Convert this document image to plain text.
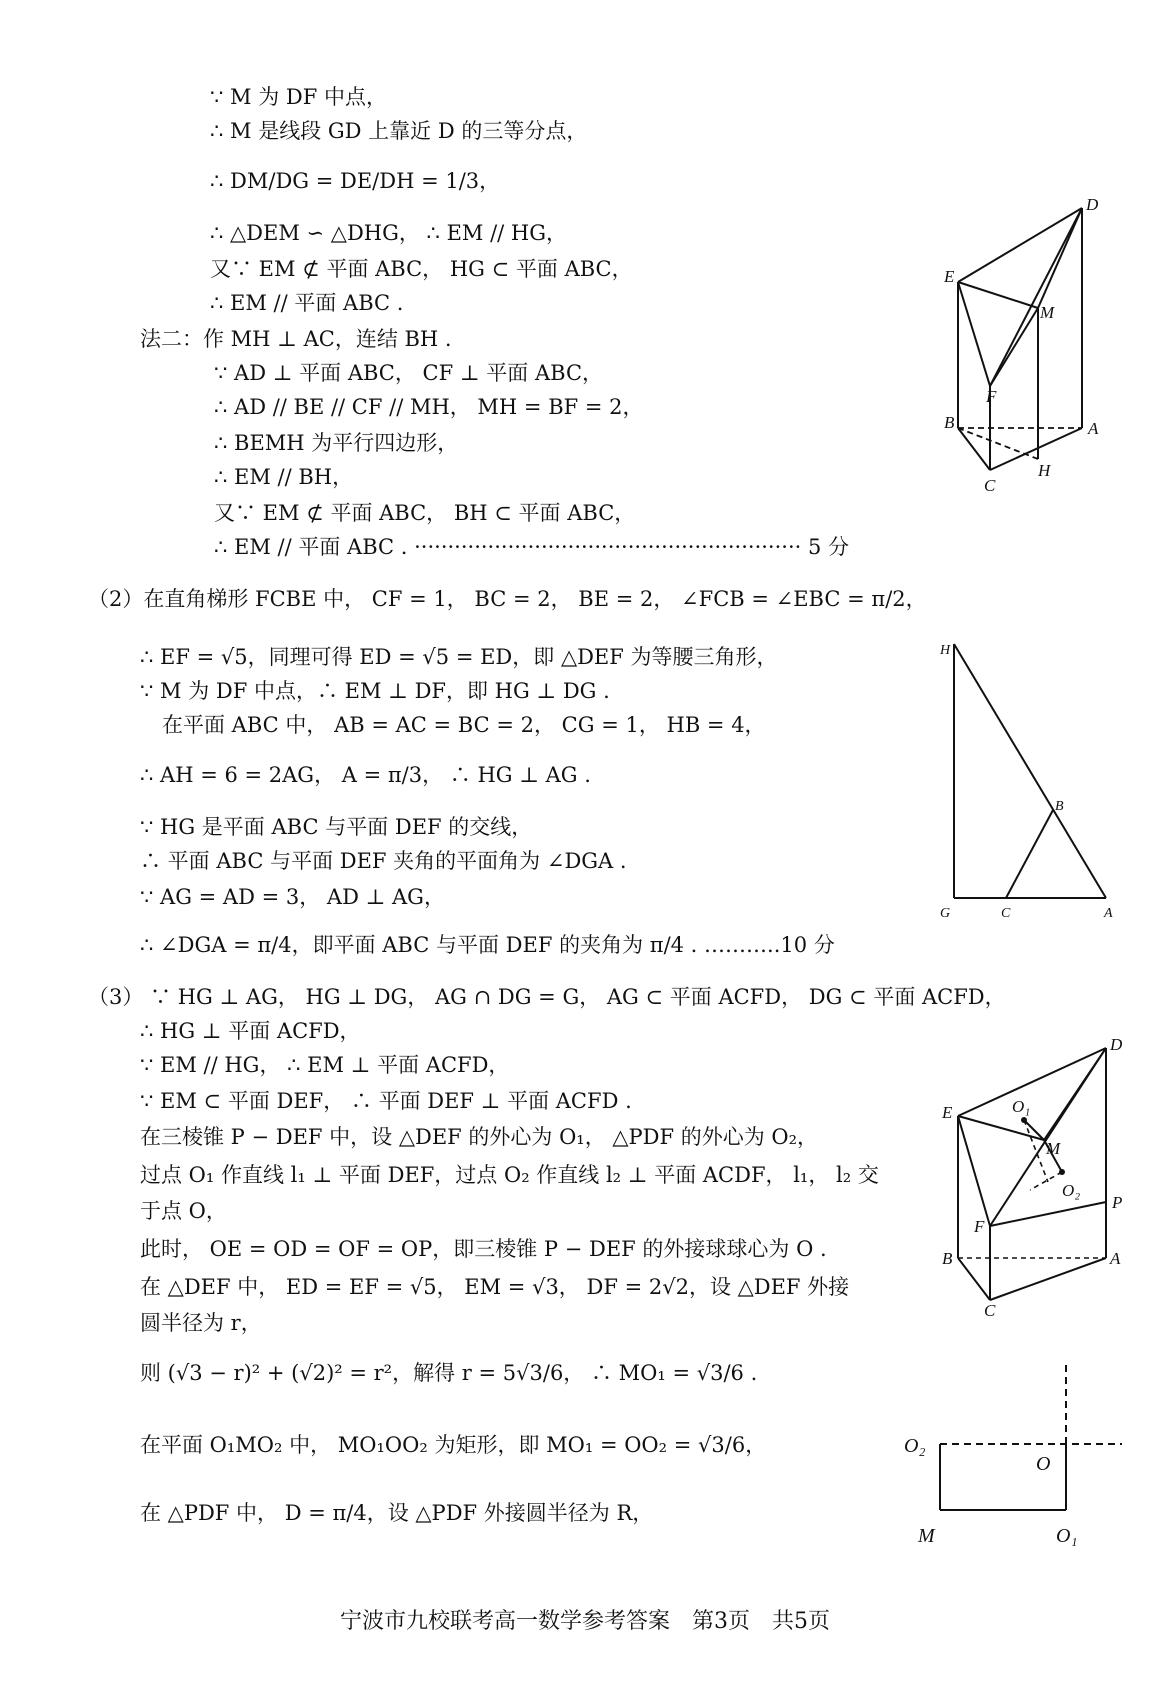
∵ M 为 DF 中点，
∴ M 是线段 GD 上靠近 D 的三等分点，
∴ DM/DG = DE/DH = 1/3，
∴ △DEM ∽ △DHG， ∴ EM // HG，
又∵ EM ⊄ 平面 ABC， HG ⊂ 平面 ABC，
∴ EM // 平面 ABC .
法二：作 MH ⊥ AC，连结 BH .
∵ AD ⊥ 平面 ABC， CF ⊥ 平面 ABC，
∴ AD // BE // CF // MH， MH = BF = 2，
∴ BEMH 为平行四边形，
∴ EM // BH，
又∵ EM ⊄ 平面 ABC， BH ⊂ 平面 ABC，
∴ EM // 平面 ABC . ·························································· 5 分
（2）在直角梯形 FCBE 中， CF = 1， BC = 2， BE = 2， ∠FCB = ∠EBC = π/2，
∴ EF = √5，同理可得 ED = √5 = ED，即 △DEF 为等腰三角形，
∵ M 为 DF 中点，∴ EM ⊥ DF，即 HG ⊥ DG .
在平面 ABC 中， AB = AC = BC = 2， CG = 1， HB = 4，
∴ AH = 6 = 2AG， A = π/3， ∴ HG ⊥ AG .
∵ HG 是平面 ABC 与平面 DEF 的交线，
∴ 平面 ABC 与平面 DEF 夹角的平面角为 ∠DGA .
∵ AG = AD = 3， AD ⊥ AG，
∴ ∠DGA = π/4，即平面 ABC 与平面 DEF 的夹角为 π/4 . ………..10 分
（3） ∵ HG ⊥ AG， HG ⊥ DG， AG ∩ DG = G， AG ⊂ 平面 ACFD， DG ⊂ 平面 ACFD，
∴ HG ⊥ 平面 ACFD，
∵ EM // HG， ∴ EM ⊥ 平面 ACFD，
∵ EM ⊂ 平面 DEF， ∴ 平面 DEF ⊥ 平面 ACFD .
在三棱锥 P − DEF 中，设 △DEF 的外心为 O₁， △PDF 的外心为 O₂，
过点 O₁ 作直线 l₁ ⊥ 平面 DEF，过点 O₂ 作直线 l₂ ⊥ 平面 ACDF， l₁， l₂ 交
于点 O，
此时， OE = OD = OF = OP，即三棱锥 P − DEF 的外接球球心为 O .
在 △DEF 中， ED = EF = √5， EM = √3， DF = 2√2，设 △DEF 外接
圆半径为 r，
则 (√3 − r)² + (√2)² = r²，解得 r = 5√3/6， ∴ MO₁ = √3/6 .
在平面 O₁MO₂ 中， MO₁OO₂ 为矩形，即 MO₁ = OO₂ = √3/6，
在 △PDF 中， D = π/4，设 △PDF 外接圆半径为 R，
D
E
M
F
B	A
H
C
H
B
G	C	A
D
E	O₁
M
O₂
P
F
B	A
C
O₂
O
M	O₁
宁波市九校联考高一数学参考答案　第3页　共5页
